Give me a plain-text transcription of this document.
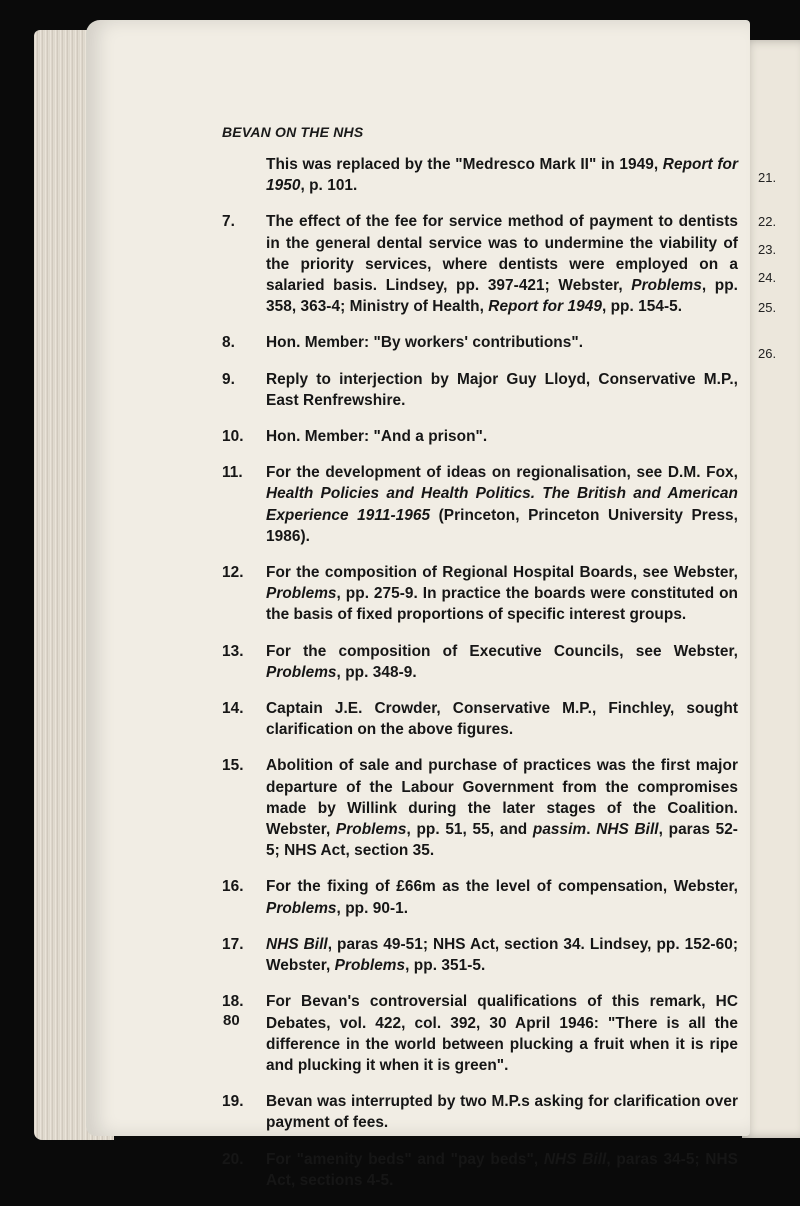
21.
22.
23.
24.
25.
26.
BEVAN ON THE NHS
This was replaced by the "Medresco Mark II" in 1949, Report for 1950, p. 101.
7.	The effect of the fee for service method of payment to dentists in the general dental service was to undermine the viability of the priority services, where dentists were employed on a salaried basis. Lindsey, pp. 397-421; Webster, Problems, pp. 358, 363-4; Ministry of Health, Report for 1949, pp. 154-5.
8.	Hon. Member: "By workers' contributions".
9.	Reply to interjection by Major Guy Lloyd, Conservative M.P., East Renfrewshire.
10.	Hon. Member: "And a prison".
11.	For the development of ideas on regionalisation, see D.M. Fox, Health Policies and Health Politics. The British and American Experience 1911-1965 (Princeton, Princeton University Press, 1986).
12.	For the composition of Regional Hospital Boards, see Webster, Problems, pp. 275-9. In practice the boards were constituted on the basis of fixed proportions of specific interest groups.
13.	For the composition of Executive Councils, see Webster, Problems, pp. 348-9.
14.	Captain J.E. Crowder, Conservative M.P., Finchley, sought clarification on the above figures.
15.	Abolition of sale and purchase of practices was the first major departure of the Labour Government from the compromises made by Willink during the later stages of the Coalition. Webster, Problems, pp. 51, 55, and passim. NHS Bill, paras 52-5; NHS Act, section 35.
16.	For the fixing of £66m as the level of compensation, Webster, Problems, pp. 90-1.
17.	NHS Bill, paras 49-51; NHS Act, section 34. Lindsey, pp. 152-60; Webster, Problems, pp. 351-5.
18.	For Bevan's controversial qualifications of this remark, HC Debates, vol. 422, col. 392, 30 April 1946: "There is all the difference in the world between plucking a fruit when it is ripe and plucking it when it is green".
19.	Bevan was interrupted by two M.P.s asking for clarification over payment of fees.
20.	For "amenity beds" and "pay beds", NHS Bill, paras 34-5; NHS Act, sections 4-5.
80
